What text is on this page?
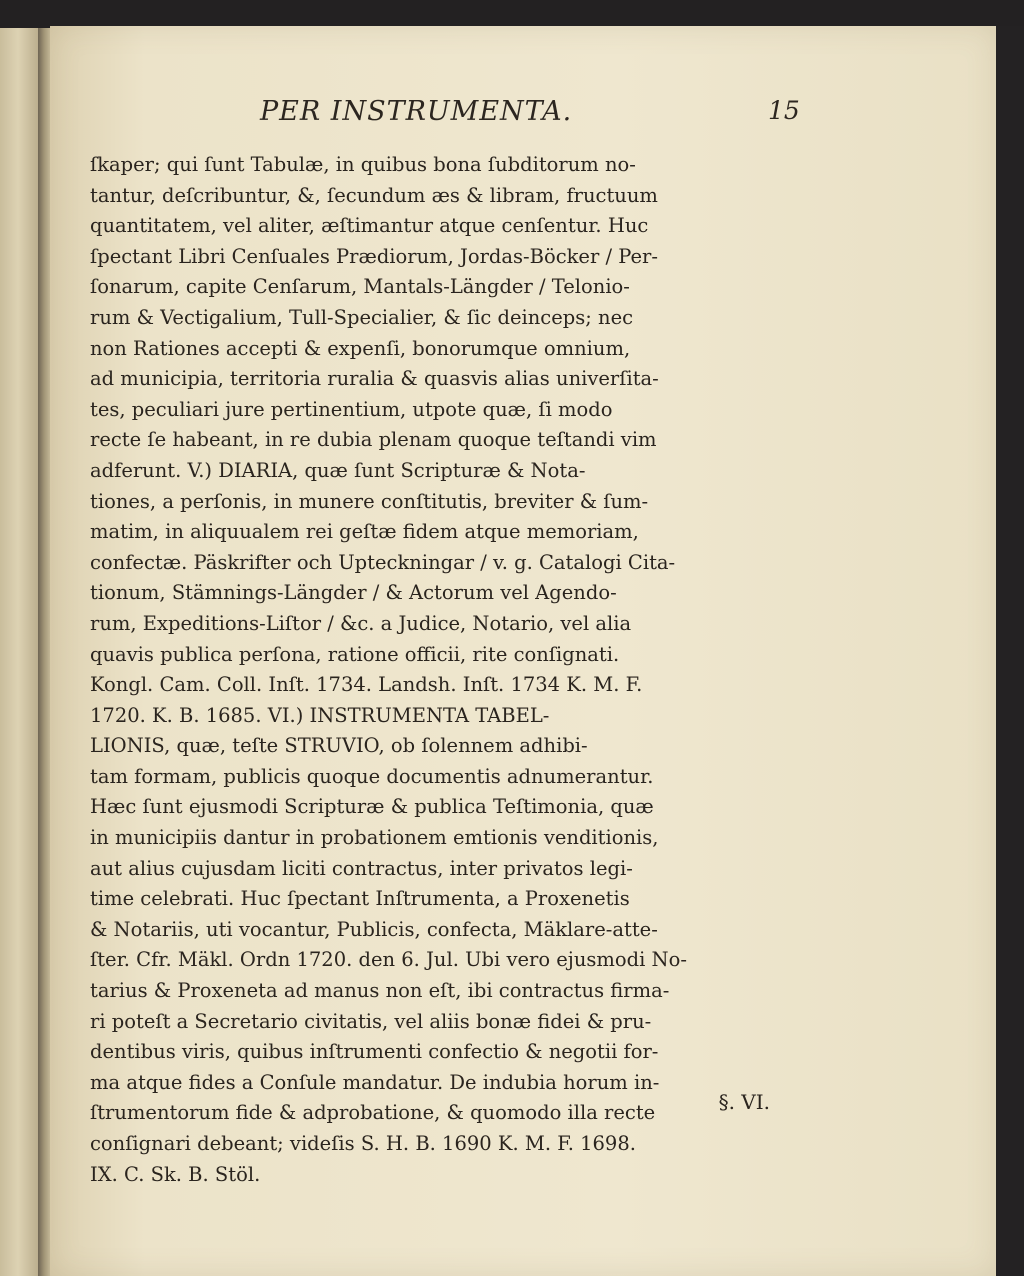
PER INSTRUMENTA.	15
ſkaper; qui ſunt Tabulæ, in quibus bona ſubditorum no-
tantur, deſcribuntur, &, ſecundum æs & libram, fructuum
quantitatem, vel aliter, æſtimantur atque cenſentur. Huc
ſpectant Libri Cenſuales Prædiorum, Jordas-Böcker / Per-
ſonarum, capite Cenſarum, Mantals-Längder / Telonio-
rum & Vectigalium, Tull-Specialier, & ſic deinceps; nec
non Rationes accepti & expenſi, bonorumque omnium,
ad municipia, territoria ruralia & quasvis alias univerſita-
tes, peculiari jure pertinentium, utpote quæ, ſi modo
recte ſe habeant, in re dubia plenam quoque teſtandi vim
adferunt. V.) DIARIA, quæ ſunt Scripturæ & Nota-
tiones, a perſonis, in munere conſtitutis, breviter & ſum-
matim, in aliquualem rei geſtæ fidem atque memoriam,
confectæ. Päskrifter och Upteckningar / v. g. Catalogi Cita-
tionum, Stämnings-Längder / & Actorum vel Agendo-
rum, Expeditions-Liſtor / &c. a Judice, Notario, vel alia
quavis publica perſona, ratione officii, rite conſignati.
Kongl. Cam. Coll. Inſt. 1734. Landsh. Inſt. 1734 K. M. F.
1720. K. B. 1685. VI.) INSTRUMENTA TABEL-
LIONIS, quæ, teſte STRUVIO, ob ſolennem adhibi-
tam formam, publicis quoque documentis adnumerantur.
Hæc ſunt ejusmodi Scripturæ & publica Teſtimonia, quæ
in municipiis dantur in probationem emtionis venditionis,
aut alius cujusdam liciti contractus, inter privatos legi-
time celebrati. Huc ſpectant Inſtrumenta, a Proxenetis
& Notariis, uti vocantur, Publicis, confecta, Mäklare-atte-
ſter. Cfr. Mäkl. Ordn 1720. den 6. Jul. Ubi vero ejusmodi No-
tarius & Proxeneta ad manus non eſt, ibi contractus firma-
ri poteſt a Secretario civitatis, vel aliis bonæ fidei & pru-
dentibus viris, quibus inſtrumenti confectio & negotii for-
ma atque fides a Conſule mandatur. De indubia horum in-
ſtrumentorum fide & adprobatione, & quomodo illa recte
conſignari debeant; videſis S. H. B. 1690 K. M. F. 1698.
IX. C. Sk. B. Stöl.
§. VI.
